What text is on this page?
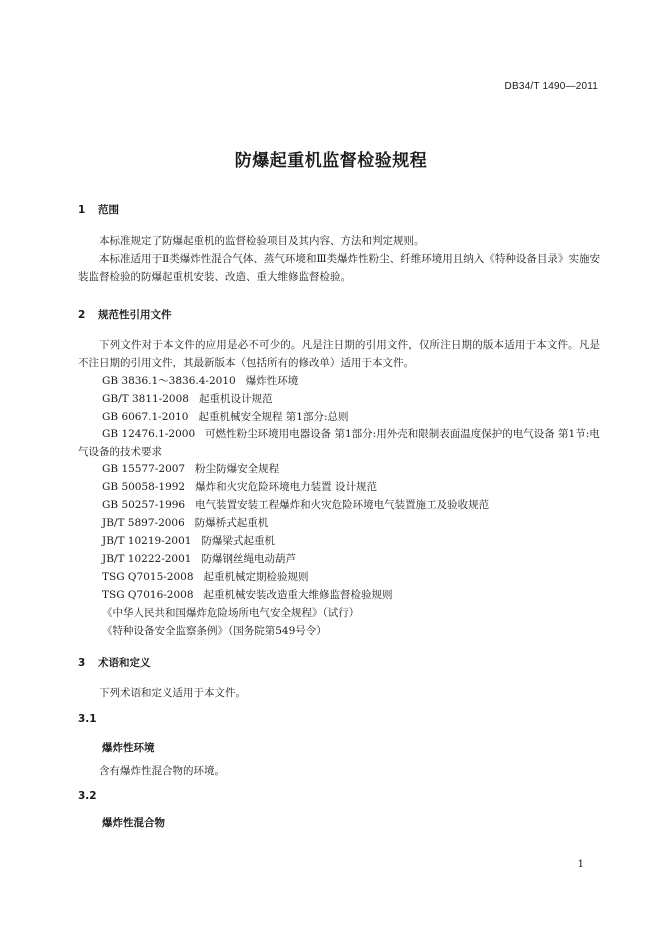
DB34/T 1490—2011
防爆起重机监督检验规程
1 范围
本标准规定了防爆起重机的监督检验项目及其内容、方法和判定规则。
本标准适用于Ⅱ类爆炸性混合气体、蒸气环境和Ⅲ类爆炸性粉尘、纤维环境用且纳入《特种设备目录》实施安装监督检验的防爆起重机安装、改造、重大维修监督检验。
2 规范性引用文件
下列文件对于本文件的应用是必不可少的。凡是注日期的引用文件，仅所注日期的版本适用于本文件。凡是不注日期的引用文件，其最新版本（包括所有的修改单）适用于本文件。
GB 3836.1～3836.4-2010 爆炸性环境
GB/T 3811-2008 起重机设计规范
GB 6067.1-2010 起重机械安全规程 第1部分:总则
GB 12476.1-2000 可燃性粉尘环境用电器设备 第1部分:用外壳和限制表面温度保护的电气设备 第1节:电气设备的技术要求
GB 15577-2007 粉尘防爆安全规程
GB 50058-1992 爆炸和火灾危险环境电力装置 设计规范
GB 50257-1996 电气装置安装工程爆炸和火灾危险环境电气装置施工及验收规范
JB/T 5897-2006 防爆桥式起重机
JB/T 10219-2001 防爆梁式起重机
JB/T 10222-2001 防爆钢丝绳电动葫芦
TSG Q7015-2008 起重机械定期检验规则
TSG Q7016-2008 起重机械安装改造重大维修监督检验规则
《中华人民共和国爆炸危险场所电气安全规程》（试行）
《特种设备安全监察条例》（国务院第549号令）
3 术语和定义
下列术语和定义适用于本文件。
3.1
爆炸性环境
含有爆炸性混合物的环境。
3.2
爆炸性混合物
1
